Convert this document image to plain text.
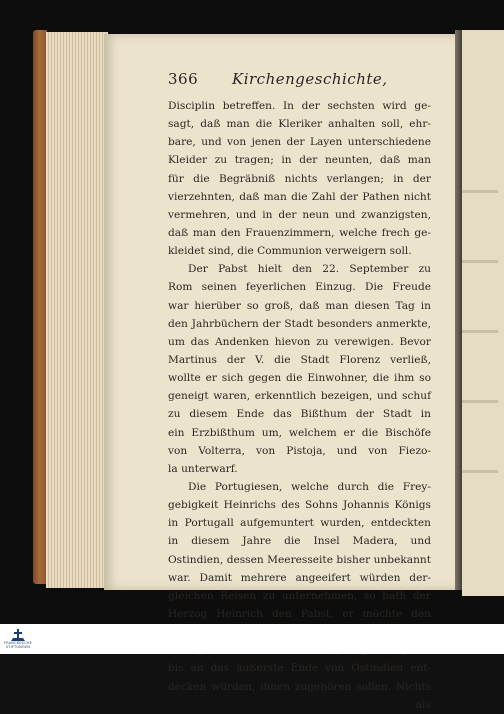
366 Kirchengeschichte,
Disciplin betreffen. In der sechsten wird ge-
sagt, daß man die Kleriker anhalten soll, ehr-
bare, und von jenen der Layen unterschiedene
Kleider zu tragen; in der neunten, daß man
für die Begräbniß nichts verlangen; in der
vierzehnten, daß man die Zahl der Pathen nicht
vermehren, und in der neun und zwanzigsten,
daß man den Frauenzimmern, welche frech ge-
kleidet sind, die Communion verweigern soll.
Der Pabst hielt den 22. September zu
Rom seinen feyerlichen Einzug. Die Freude
war hierüber so groß, daß man diesen Tag in
den Jahrbüchern der Stadt besonders anmerkte,
um das Andenken hievon zu verewigen. Bevor
Martinus der V. die Stadt Florenz verließ,
wollte er sich gegen die Einwohner, die ihm so
geneigt waren, erkenntlich bezeigen, und schuf
zu diesem Ende das Bißthum der Stadt in
ein Erzbißthum um, welchem er die Bischöfe
von Volterra, von Pistoja, und von Fiezo-
la unterwarf.
Die Portugiesen, welche durch die Frey-
gebigkeit Heinrichs des Sohns Johannis Königs
in Portugall aufgemuntert wurden, entdeckten
in diesem Jahre die Insel Madera, und
Ostindien, dessen Meeresseite bisher unbekannt
war. Damit mehrere angeeifert würden der-
gleichen Reisen zu unternehmen, so bath der
Herzog Heinrich den Pabst, er möchte den
bis an das äußerste Ende von Ostindien ent-
decken würden, ihnen zugehören sollen. Nichts
als
FRANCKESCHE STIFTUNGEN
